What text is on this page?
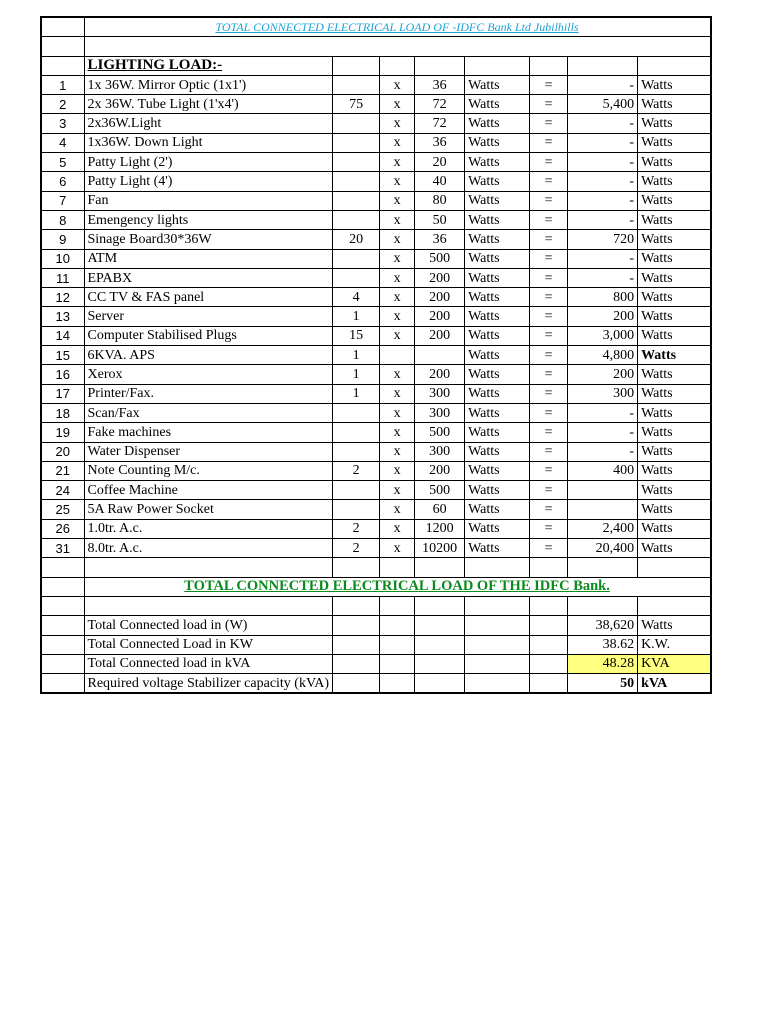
	TOTAL CONNECTED ELECTRICAL LOAD OF -IDFC Bank Ltd Jubilhills							

	LIGHTING LOAD:-							
1	1x 36W. Mirror Optic (1x1')		x	36	Watts	=	-	Watts
2	2x 36W. Tube Light (1'x4')	75	x	72	Watts	=	5,400	Watts
3	2x36W.Light		x	72	Watts	=	-	Watts
4	1x36W. Down Light		x	36	Watts	=	-	Watts
5	Patty Light (2')		x	20	Watts	=	-	Watts
6	Patty Light (4')		x	40	Watts	=	-	Watts
7	Fan		x	80	Watts	=	-	Watts
8	Emengency lights		x	50	Watts	=	-	Watts
9	Sinage Board30*36W	20	x	36	Watts	=	720	Watts
10	ATM		x	500	Watts	=	-	Watts
11	EPABX		x	200	Watts	=	-	Watts
12	CC TV & FAS panel	4	x	200	Watts	=	800	Watts
13	Server	1	x	200	Watts	=	200	Watts
14	Computer Stabilised Plugs	15	x	200	Watts	=	3,000	Watts
15	6KVA. APS	1			Watts	=	4,800	Watts
16	Xerox	1	x	200	Watts	=	200	Watts
17	Printer/Fax.	1	x	300	Watts	=	300	Watts
18	Scan/Fax		x	300	Watts	=	-	Watts
19	Fake machines		x	500	Watts	=	-	Watts
20	Water Dispenser		x	300	Watts	=	-	Watts
21	Note Counting M/c.	2	x	200	Watts	=	400	Watts
24	Coffee Machine		x	500	Watts	=		Watts
25	5A Raw Power Socket		x	60	Watts	=		Watts
26	1.0tr. A.c.	2	x	1200	Watts	=	2,400	Watts
31	8.0tr. A.c.	2	x	10200	Watts	=	20,400	Watts

	TOTAL CONNECTED ELECTRICAL LOAD OF THE IDFC Bank.							

	Total Connected load in (W)						38,620	Watts
	Total Connected Load in KW						38.62	K.W.
	Total Connected load in kVA						48.28	KVA
	Required voltage Stabilizer capacity (kVA)						50	kVA
